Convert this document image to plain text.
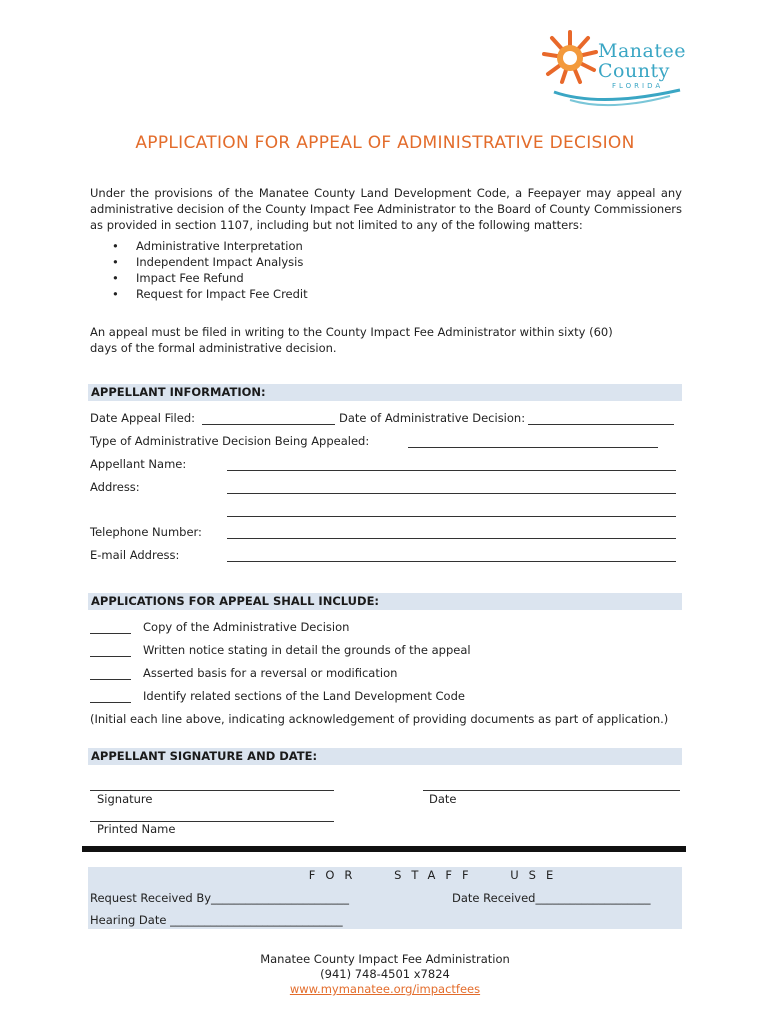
Manatee
County
FLORIDA
APPLICATION FOR APPEAL OF ADMINISTRATIVE DECISION
Under the provisions of the Manatee County Land Development Code, a Feepayer may appeal any administrative decision of the County Impact Fee Administrator to the Board of County Commissioners as provided in section 1107, including but not limited to any of the following matters:
• Administrative Interpretation
• Independent Impact Analysis
• Impact Fee Refund
• Request for Impact Fee Credit
An appeal must be filed in writing to the County Impact Fee Administrator within sixty (60) days of the formal administrative decision.
APPELLANT INFORMATION:
Date Appeal Filed:	Date of Administrative Decision:
Type of Administrative Decision Being Appealed:
Appellant Name:
Address:
Telephone Number:
E-mail Address:
APPLICATIONS FOR APPEAL SHALL INCLUDE:
Copy of the Administrative Decision
Written notice stating in detail the grounds of the appeal
Asserted basis for a reversal or modification
Identify related sections of the Land Development Code
(Initial each line above, indicating acknowledgement of providing documents as part of application.)
APPELLANT SIGNATURE AND DATE:
Signature	Date
Printed Name
FOR STAFF USE
Request Received By________________________	Date Received____________________
Hearing Date ______________________________
Manatee County Impact Fee Administration
(941) 748-4501 x7824
www.mymanatee.org/impactfees
